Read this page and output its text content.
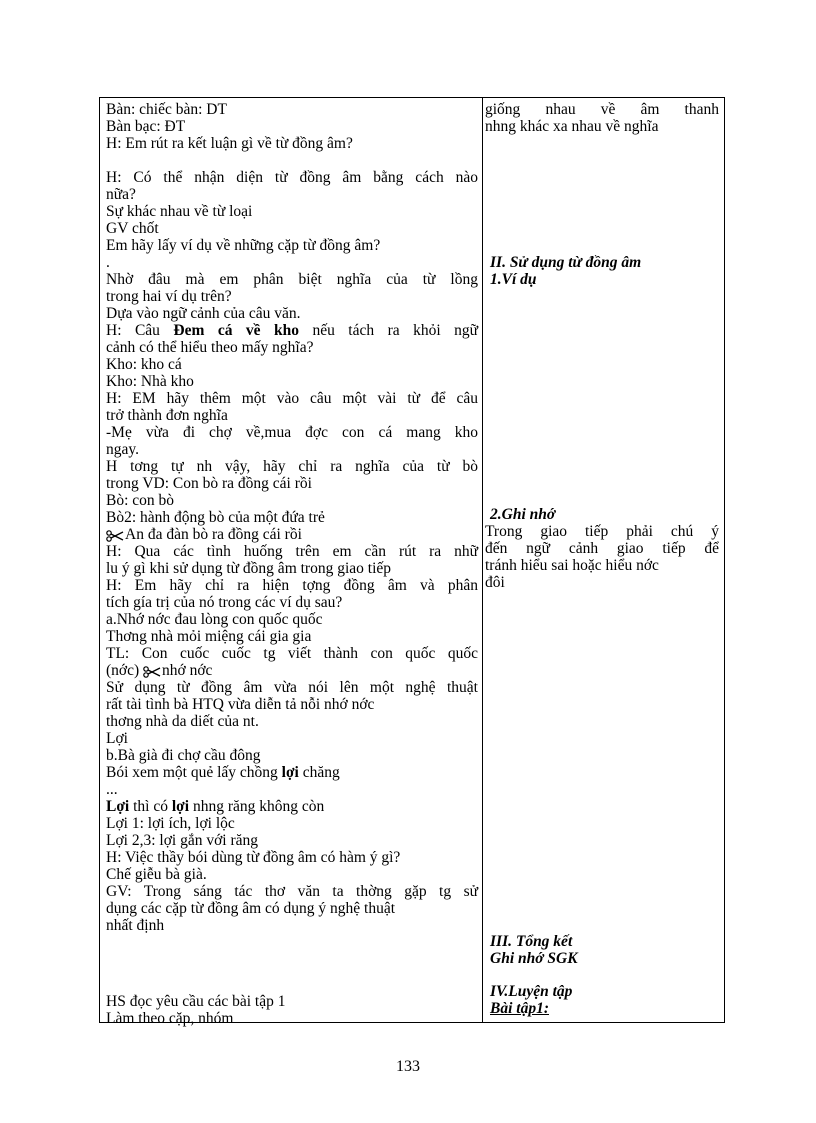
Bàn: chiếc bàn: DT
Bàn bạc: ĐT
H: Em rút ra kết luận gì về từ đồng âm?
H: Có thể nhận diện từ đồng âm bằng cách nào
nữa?
Sự khác nhau về từ loại
GV chốt
Em hãy lấy ví dụ về những cặp từ đồng âm?
.
Nhờ đâu mà em phân biệt nghĩa của từ lồng
trong hai ví dụ trên?
Dựa vào ngữ cảnh của câu văn.
H: Câu Đem cá về kho nếu tách ra khỏi ngữ
cảnh có thể hiểu theo mấy nghĩa?
Kho: kho cá
Kho: Nhà kho
H: EM hãy thêm một vào câu một vài từ để câu
trở thành đơn nghĩa
-Mẹ vừa đi chợ về,mua đợc con cá mang kho
ngay.
H tơng tự nh vậy, hãy chỉ ra nghĩa của từ bò
trong VD: Con bò ra đồng cái rồi
Bò: con bò
Bò2: hành động bò của một đứa trẻ
An đa đàn bò ra đồng cái rồi
H: Qua các tình huống trên em cần rút ra nhữ
lu ý gì khi sử dụng từ đồng âm trong giao tiếp
H: Em hãy chỉ ra hiện tợng đồng âm và phân
tích gía trị của nó trong các ví dụ sau?
a.Nhớ nớc đau lòng con quốc quốc
Thơng nhà mỏi miệng cái gia gia
TL: Con cuốc cuốc tg viết thành con quốc quốc
(nớc) nhớ nớc
Sử dụng từ đồng âm vừa nói lên một nghệ thuật
rất tài tình bà HTQ vừa diễn tả nỗi nhớ nớc
thơng nhà da diết của nt.
Lợi
b.Bà già đi chợ cầu đông
Bói xem một quẻ lấy chồng lợi chăng
...
Lợi thì có lợi nhng răng không còn
Lợi 1: lợi ích, lợi lộc
Lợi 2,3: lợi gắn với răng
H: Việc thầy bói dùng từ đồng âm có hàm ý gì?
Chế giễu bà già.
GV: Trong sáng tác thơ văn ta thờng gặp tg sử
dụng các cặp từ đồng âm có dụng ý nghệ thuật
nhất định
HS đọc yêu cầu các bài tập 1
Làm theo cặp, nhóm
giống nhau về âm thanh
nhng khác xa nhau về nghĩa
II. Sử dụng từ đồng âm
1.Ví dụ
2.Ghi nhớ
Trong giao tiếp phải chú ý
đến ngữ cảnh giao tiếp để
tránh hiểu sai hoặc hiểu nớc
đôi
III. Tổng kết
Ghi nhớ SGK
IV.Luyện tập
Bài tập1:
133
